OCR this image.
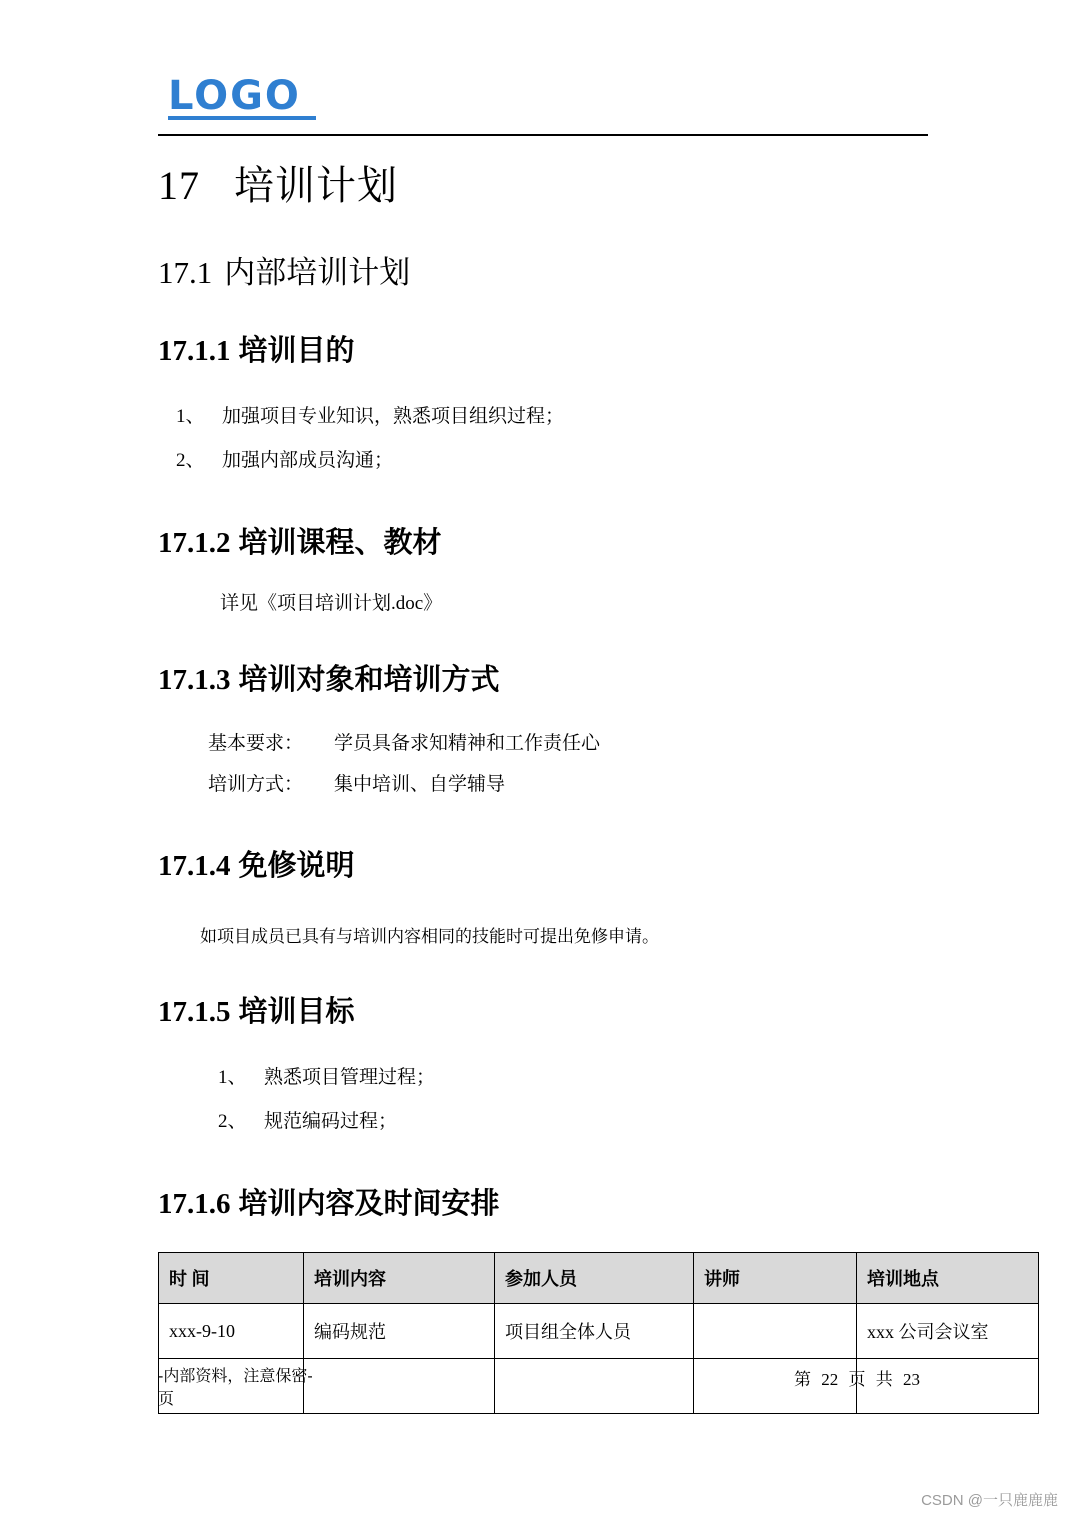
LOGO
17 培训计划
17.1 内部培训计划
17.1.1 培训目的
1、 加强项目专业知识，熟悉项目组织过程；
2、 加强内部成员沟通；
17.1.2 培训课程、教材

详见《项目培训计划.doc》

17.1.3 培训对象和培训方式
基本要求： 学员具备求知精神和工作责任心
培训方式： 集中培训、自学辅导
17.1.4 免修说明

如项目成员已具有与培训内容相同的技能时可提出免修申请。

17.1.5 培训目标
1、 熟悉项目管理过程；
2、 规范编码过程；
17.1.6 培训内容及时间安排
时 间	培训内容	参加人员	讲师	培训地点
xxx-9-10	编码规范	项目组全体人员		xxx 公司会议室

-内部资料，注意保密-
页
第 22 页 共 23
CSDN @一只鹿鹿鹿
